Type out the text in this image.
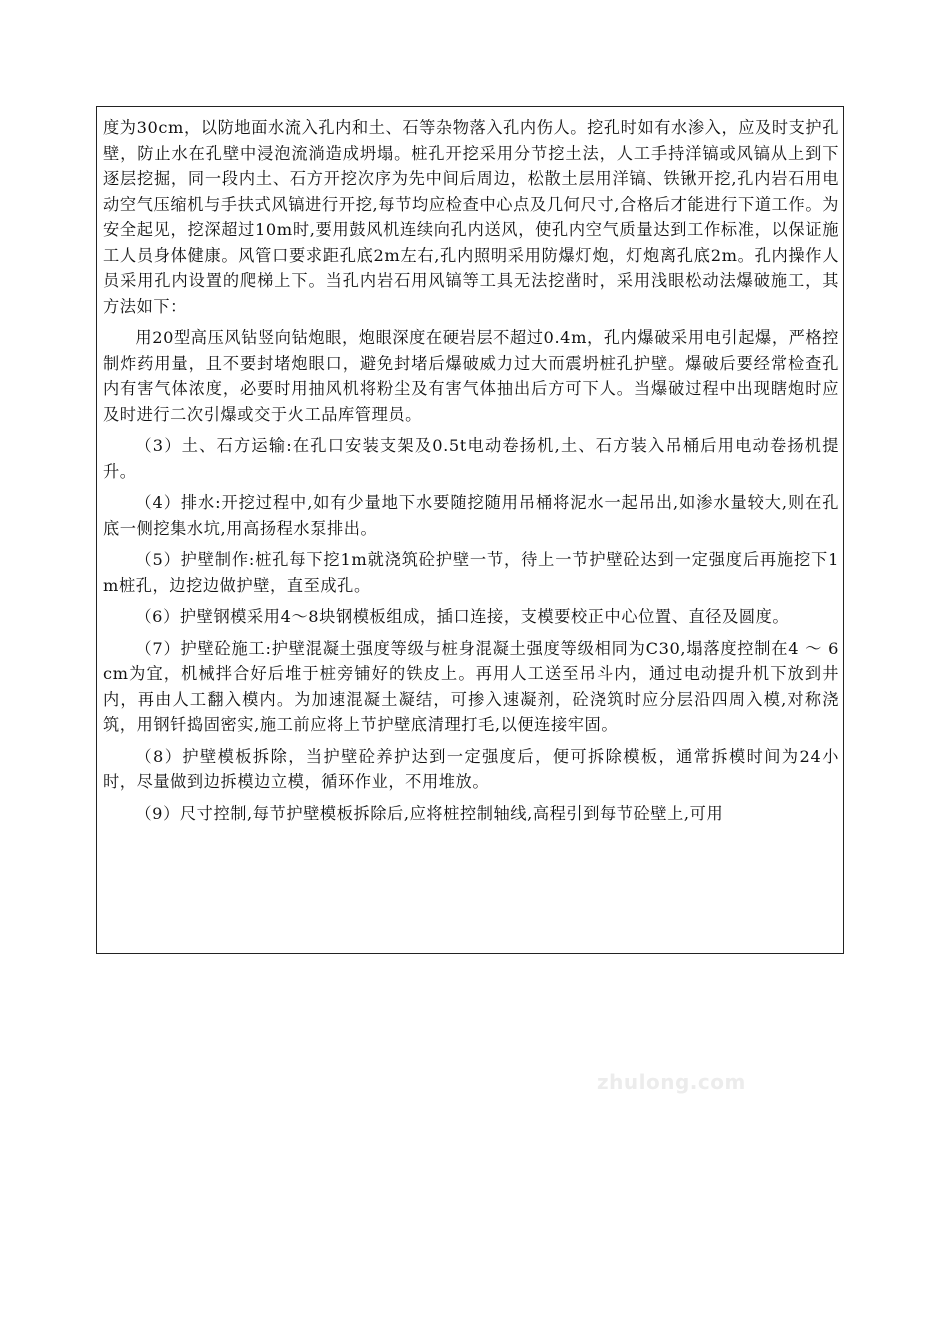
度为30cm，以防地面水流入孔内和土、石等杂物落入孔内伤人。挖孔时如有水渗入，应及时支护孔壁，防止水在孔壁中浸泡流淌造成坍塌。桩孔开挖采用分节挖土法，人工手持洋镐或风镐从上到下逐层挖掘，同一段内土、石方开挖次序为先中间后周边，松散土层用洋镐、铁锹开挖,孔内岩石用电动空气压缩机与手扶式风镐进行开挖,每节均应检查中心点及几何尺寸,合格后才能进行下道工作。为安全起见，挖深超过10m时,要用鼓风机连续向孔内送风，使孔内空气质量达到工作标准，以保证施工人员身体健康。风管口要求距孔底2m左右,孔内照明采用防爆灯炮，灯炮离孔底2m。孔内操作人员采用孔内设置的爬梯上下。当孔内岩石用风镐等工具无法挖凿时，采用浅眼松动法爆破施工，其方法如下：

用20型高压风钻竖向钻炮眼，炮眼深度在硬岩层不超过0.4m，孔内爆破采用电引起爆，严格控制炸药用量，且不要封堵炮眼口，避免封堵后爆破威力过大而震坍桩孔护壁。爆破后要经常检查孔内有害气体浓度，必要时用抽风机将粉尘及有害气体抽出后方可下人。当爆破过程中出现瞎炮时应及时进行二次引爆或交于火工品库管理员。

（3）土、石方运输:在孔口安装支架及0.5t电动卷扬机,土、石方装入吊桶后用电动卷扬机提升。

（4）排水:开挖过程中,如有少量地下水要随挖随用吊桶将泥水一起吊出,如渗水量较大,则在孔底一侧挖集水坑,用高扬程水泵排出。

（5）护壁制作:桩孔每下挖1m就浇筑砼护壁一节，待上一节护壁砼达到一定强度后再施挖下1m桩孔，边挖边做护壁，直至成孔。

（6）护壁钢模采用4～8块钢模板组成，插口连接，支模要校正中心位置、直径及圆度。

（7）护壁砼施工:护壁混凝土强度等级与桩身混凝土强度等级相同为C30,塌落度控制在4 ～ 6 cm为宜，机械拌合好后堆于桩旁铺好的铁皮上。再用人工送至吊斗内，通过电动提升机下放到井内，再由人工翻入模内。为加速混凝土凝结，可掺入速凝剂，砼浇筑时应分层沿四周入模,对称浇筑，用钢钎捣固密实,施工前应将上节护壁底清理打毛,以便连接牢固。

（8）护壁模板拆除，当护壁砼养护达到一定强度后，便可拆除模板，通常拆模时间为24小时，尽量做到边拆模边立模，循环作业，不用堆放。

（9）尺寸控制,每节护壁模板拆除后,应将桩控制轴线,高程引到每节砼壁上,可用

zhulong.com
